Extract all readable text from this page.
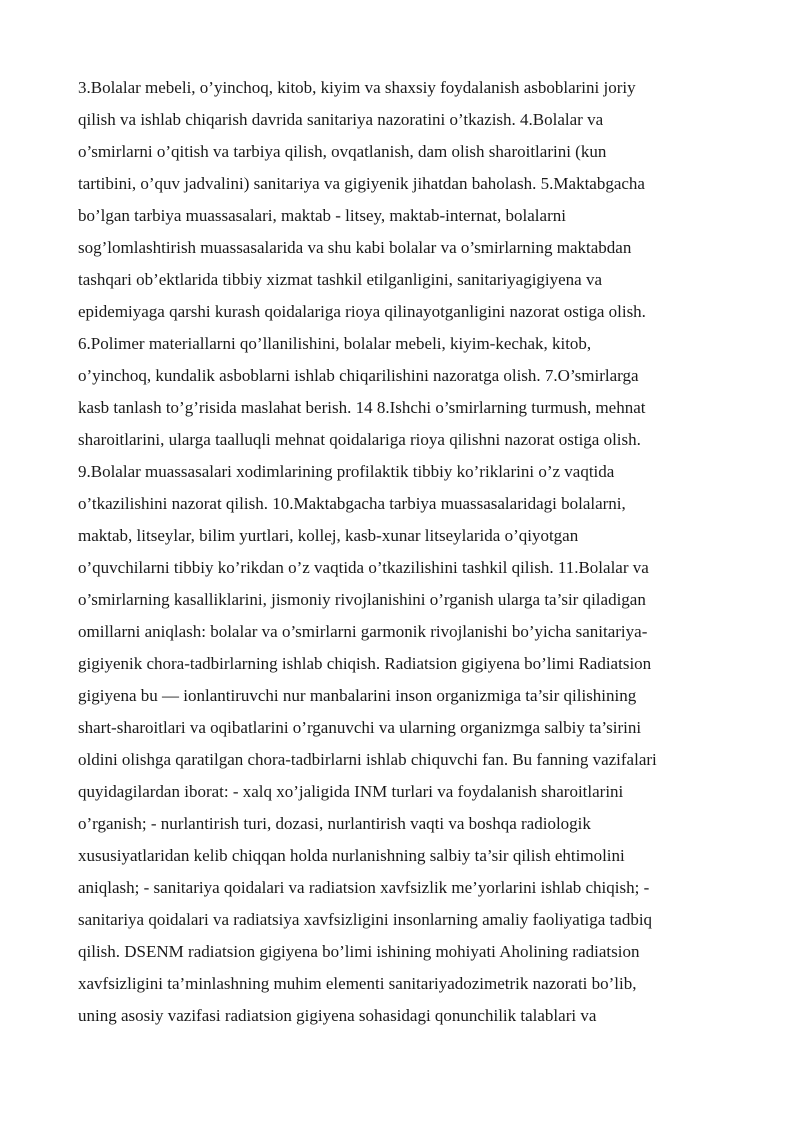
3.Bolalar mebeli, o’yinchoq, kitob, kiyim va shaxsiy foydalanish asboblarini joriy
qilish va ishlab chiqarish davrida sanitariya nazoratini o’tkazish. 4.Bolalar va
o’smirlarni o’qitish va tarbiya qilish, ovqatlanish, dam olish sharoitlarini (kun
tartibini, o’quv jadvalini) sanitariya va gigiyenik jihatdan baholash. 5.Maktabgacha
bo’lgan tarbiya muassasalari, maktab - litsey, maktab-internat, bolalarni
sog’lomlashtirish muassasalarida va shu kabi bolalar va o’smirlarning maktabdan
tashqari ob’ektlarida tibbiy xizmat tashkil etilganligini, sanitariyagigiyena va
epidemiyaga qarshi kurash qoidalariga rioya qilinayotganligini nazorat ostiga olish.
6.Polimer materiallarni qo’llanilishini, bolalar mebeli, kiyim-kechak, kitob,
o’yinchoq, kundalik asboblarni ishlab chiqarilishini nazoratga olish. 7.O’smirlarga
kasb tanlash to’g’risida maslahat berish. 14 8.Ishchi o’smirlarning turmush, mehnat
sharoitlarini, ularga taalluqli mehnat qoidalariga rioya qilishni nazorat ostiga olish.
9.Bolalar muassasalari xodimlarining profilaktik tibbiy ko’riklarini o’z vaqtida
o’tkazilishini nazorat qilish. 10.Maktabgacha tarbiya muassasalaridagi bolalarni,
maktab, litseylar, bilim yurtlari, kollej, kasb-xunar litseylarida o’qiyotgan
o’quvchilarni tibbiy ko’rikdan o’z vaqtida o’tkazilishini tashkil qilish. 11.Bolalar va
o’smirlarning kasalliklarini, jismoniy rivojlanishini o’rganish ularga ta’sir qiladigan
omillarni aniqlash: bolalar va o’smirlarni garmonik rivojlanishi bo’yicha sanitariya-
gigiyenik chora-tadbirlarning ishlab chiqish. Radiatsion gigiyena bo’limi Radiatsion
gigiyena bu — ionlantiruvchi nur manbalarini inson organizmiga ta’sir qilishining
shart-sharoitlari va oqibatlarini o’rganuvchi va ularning organizmga salbiy ta’sirini
oldini olishga qaratilgan chora-tadbirlarni ishlab chiquvchi fan. Bu fanning vazifalari
quyidagilardan iborat: - xalq xo’jaligida INM turlari va foydalanish sharoitlarini
o’rganish; - nurlantirish turi, dozasi, nurlantirish vaqti va boshqa radiologik
xususiyatlaridan kelib chiqqan holda nurlanishning salbiy ta’sir qilish ehtimolini
aniqlash; - sanitariya qoidalari va radiatsion xavfsizlik me’yorlarini ishlab chiqish; -
sanitariya qoidalari va radiatsiya xavfsizligini insonlarning amaliy faoliyatiga tadbiq
qilish. DSENM radiatsion gigiyena bo’limi ishining mohiyati Aholining radiatsion
xavfsizligini ta’minlashning muhim elementi sanitariyadozimetrik nazorati bo’lib,
uning asosiy vazifasi radiatsion gigiyena sohasidagi qonunchilik talablari va
